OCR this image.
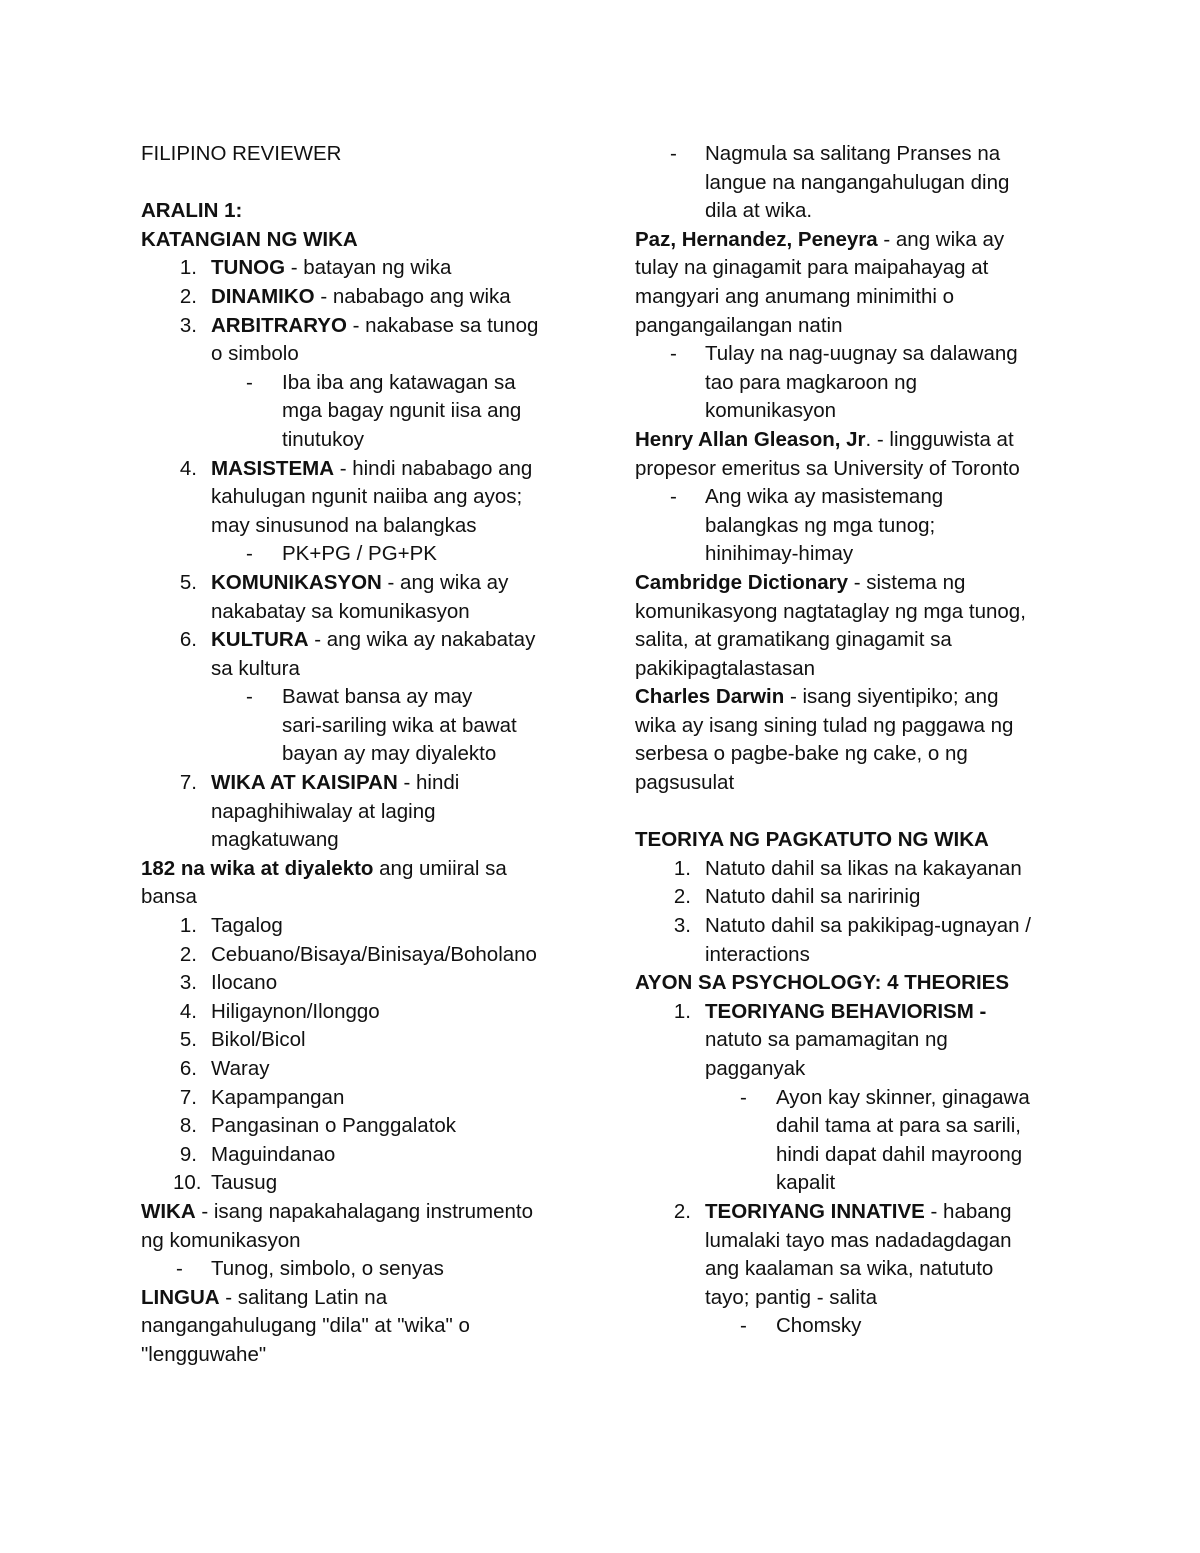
FILIPINO REVIEWER
ARALIN 1:
KATANGIAN NG WIKA
1. TUNOG - batayan ng wika
2. DINAMIKO - nababago ang wika
3. ARBITRARYO - nakabase sa tunog
o simbolo
- Iba iba ang katawagan sa
mga bagay ngunit iisa ang
tinutukoy
4. MASISTEMA - hindi nababago ang
kahulugan ngunit naiiba ang ayos;
may sinusunod na balangkas
- PK+PG / PG+PK
5. KOMUNIKASYON - ang wika ay
nakabatay sa komunikasyon
6. KULTURA - ang wika ay nakabatay
sa kultura
- Bawat bansa ay may
sari-sariling wika at bawat
bayan ay may diyalekto
7. WIKA AT KAISIPAN - hindi
napaghihiwalay at laging
magkatuwang
182 na wika at diyalekto ang umiiral sa
bansa
1. Tagalog
2. Cebuano/Bisaya/Binisaya/Boholano
3. Ilocano
4. Hiligaynon/Ilonggo
5. Bikol/Bicol
6. Waray
7. Kapampangan
8. Pangasinan o Panggalatok
9. Maguindanao
10. Tausug
WIKA - isang napakahalagang instrumento
ng komunikasyon
- Tunog, simbolo, o senyas
LINGUA - salitang Latin na
nangangahulugang "dila" at "wika" o
"lengguwahe"
- Nagmula sa salitang Pranses na
langue na nangangahulugan ding
dila at wika.
Paz, Hernandez, Peneyra - ang wika ay
tulay na ginagamit para maipahayag at
mangyari ang anumang minimithi o
pangangailangan natin
- Tulay na nag-uugnay sa dalawang
tao para magkaroon ng
komunikasyon
Henry Allan Gleason, Jr. - lingguwista at
propesor emeritus sa University of Toronto
- Ang wika ay masistemang
balangkas ng mga tunog;
hinihimay-himay
Cambridge Dictionary - sistema ng
komunikasyong nagtataglay ng mga tunog,
salita, at gramatikang ginagamit sa
pakikipagtalastasan
Charles Darwin - isang siyentipiko; ang
wika ay isang sining tulad ng paggawa ng
serbesa o pagbe-bake ng cake, o ng
pagsusulat
TEORIYA NG PAGKATUTO NG WIKA
1. Natuto dahil sa likas na kakayanan
2. Natuto dahil sa naririnig
3. Natuto dahil sa pakikipag-ugnayan /
interactions
AYON SA PSYCHOLOGY: 4 THEORIES
1. TEORIYANG BEHAVIORISM -
natuto sa pamamagitan ng
pagganyak
- Ayon kay skinner, ginagawa
dahil tama at para sa sarili,
hindi dapat dahil mayroong
kapalit
2. TEORIYANG INNATIVE - habang
lumalaki tayo mas nadadagdagan
ang kaalaman sa wika, natututo
tayo; pantig - salita
- Chomsky
